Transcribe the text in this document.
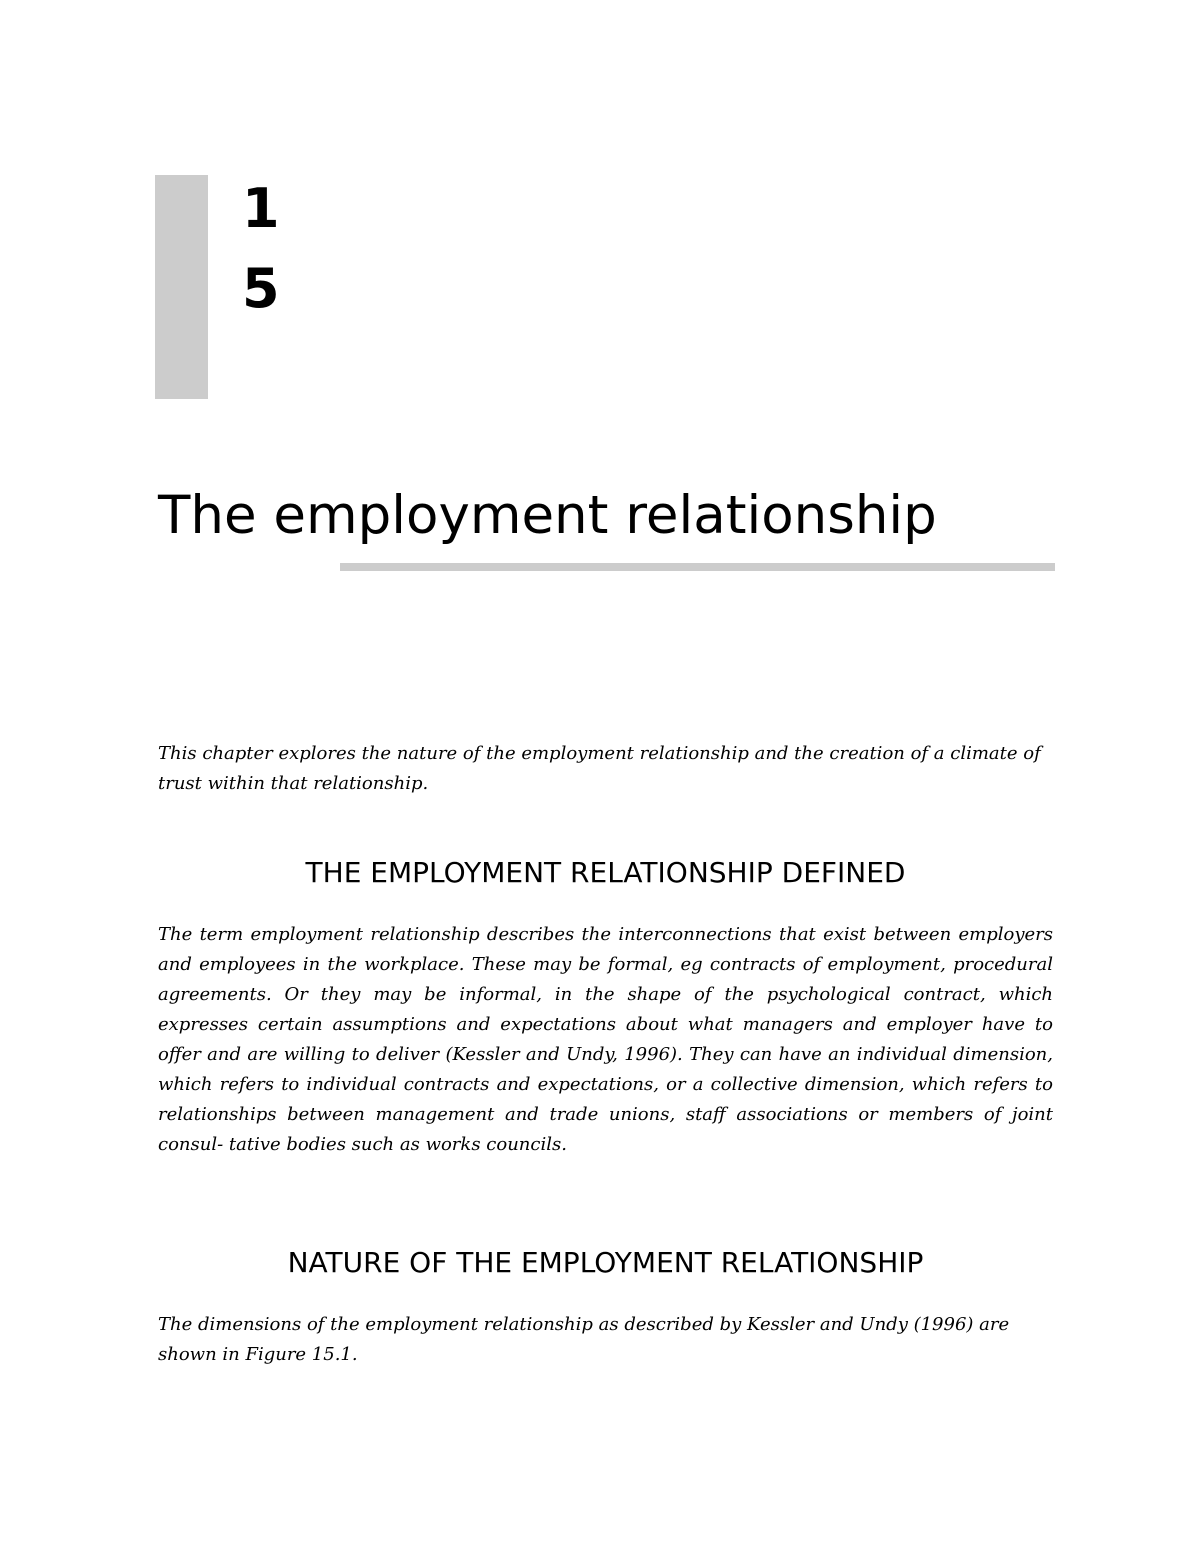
1
5
The employment relationship

This chapter explores the nature of the employment relationship and the creation of a climate of trust within that relationship.

THE EMPLOYMENT RELATIONSHIP DEFINED

The term employment relationship describes the interconnections that exist between employers and employees in the workplace. These may be formal, eg contracts of employment, procedural agreements. Or they may be informal, in the shape of the psychological contract, which expresses certain assumptions and expectations about what managers and employer have to offer and are willing to deliver (Kessler and Undy, 1996). They can have an individual dimension, which refers to individual contracts and expectations, or a collective dimension, which refers to relationships between management and trade unions, staff associations or members of joint consul- tative bodies such as works councils.

NATURE OF THE EMPLOYMENT RELATIONSHIP

The dimensions of the employment relationship as described by Kessler and Undy (1996) are shown in Figure 15.1.
